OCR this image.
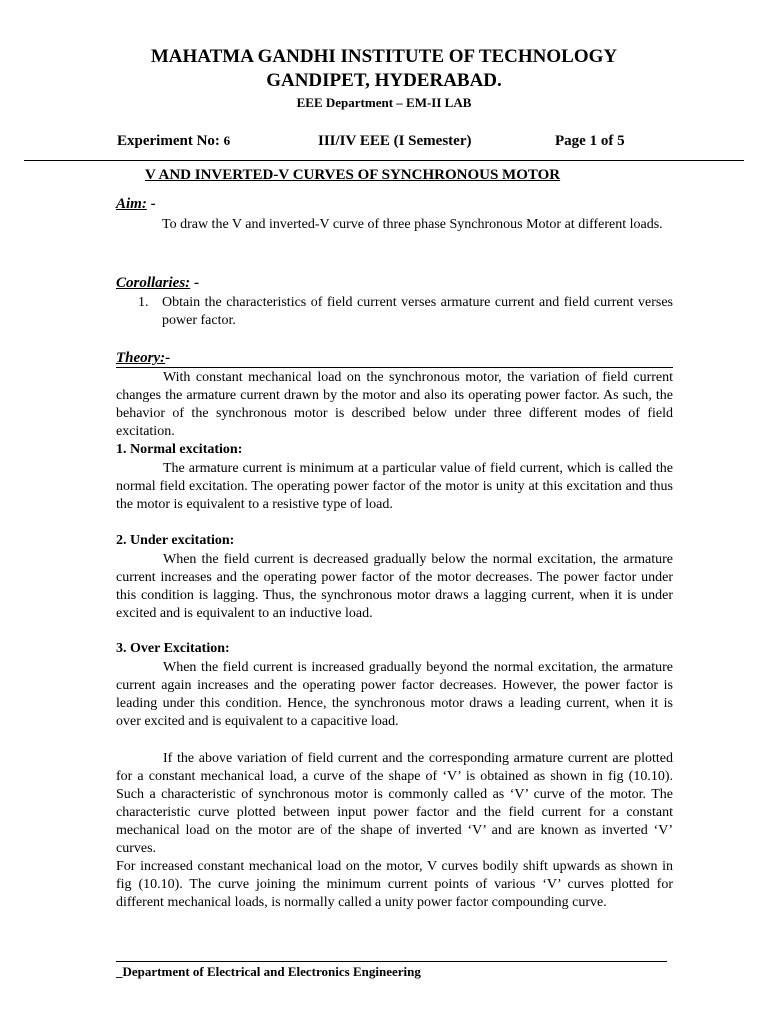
MAHATMA GANDHI INSTITUTE OF TECHNOLOGY
GANDIPET, HYDERABAD.
EEE Department – EM-II LAB
Experiment No: 6	III/IV EEE (I Semester)	Page 1 of 5
V AND INVERTED-V CURVES OF SYNCHRONOUS MOTOR
Aim: -
To draw the V and inverted-V curve of three phase Synchronous Motor at different loads.
Corollaries: -
1. Obtain the characteristics of field current verses armature current and field current verses power factor.
Theory:-
With constant mechanical load on the synchronous motor, the variation of field current changes the armature current drawn by the motor and also its operating power factor. As such, the behavior of the synchronous motor is described below under three different modes of field excitation.
1. Normal excitation:
The armature current is minimum at a particular value of field current, which is called the normal field excitation. The operating power factor of the motor is unity at this excitation and thus the motor is equivalent to a resistive type of load.
2. Under excitation:
When the field current is decreased gradually below the normal excitation, the armature current increases and the operating power factor of the motor decreases. The power factor under this condition is lagging. Thus, the synchronous motor draws a lagging current, when it is under excited and is equivalent to an inductive load.
3. Over Excitation:
When the field current is increased gradually beyond the normal excitation, the armature current again increases and the operating power factor decreases. However, the power factor is leading under this condition. Hence, the synchronous motor draws a leading current, when it is over excited and is equivalent to a capacitive load.
If the above variation of field current and the corresponding armature current are plotted for a constant mechanical load, a curve of the shape of ‘V’ is obtained as shown in fig (10.10). Such a characteristic of synchronous motor is commonly called as ‘V’ curve of the motor. The characteristic curve plotted between input power factor and the field current for a constant mechanical load on the motor are of the shape of inverted ‘V’ and are known as inverted ‘V’ curves.
For increased constant mechanical load on the motor, V curves bodily shift upwards as shown in fig (10.10). The curve joining the minimum current points of various ‘V’ curves plotted for different mechanical loads, is normally called a unity power factor compounding curve.
_Department of Electrical and Electronics Engineering
